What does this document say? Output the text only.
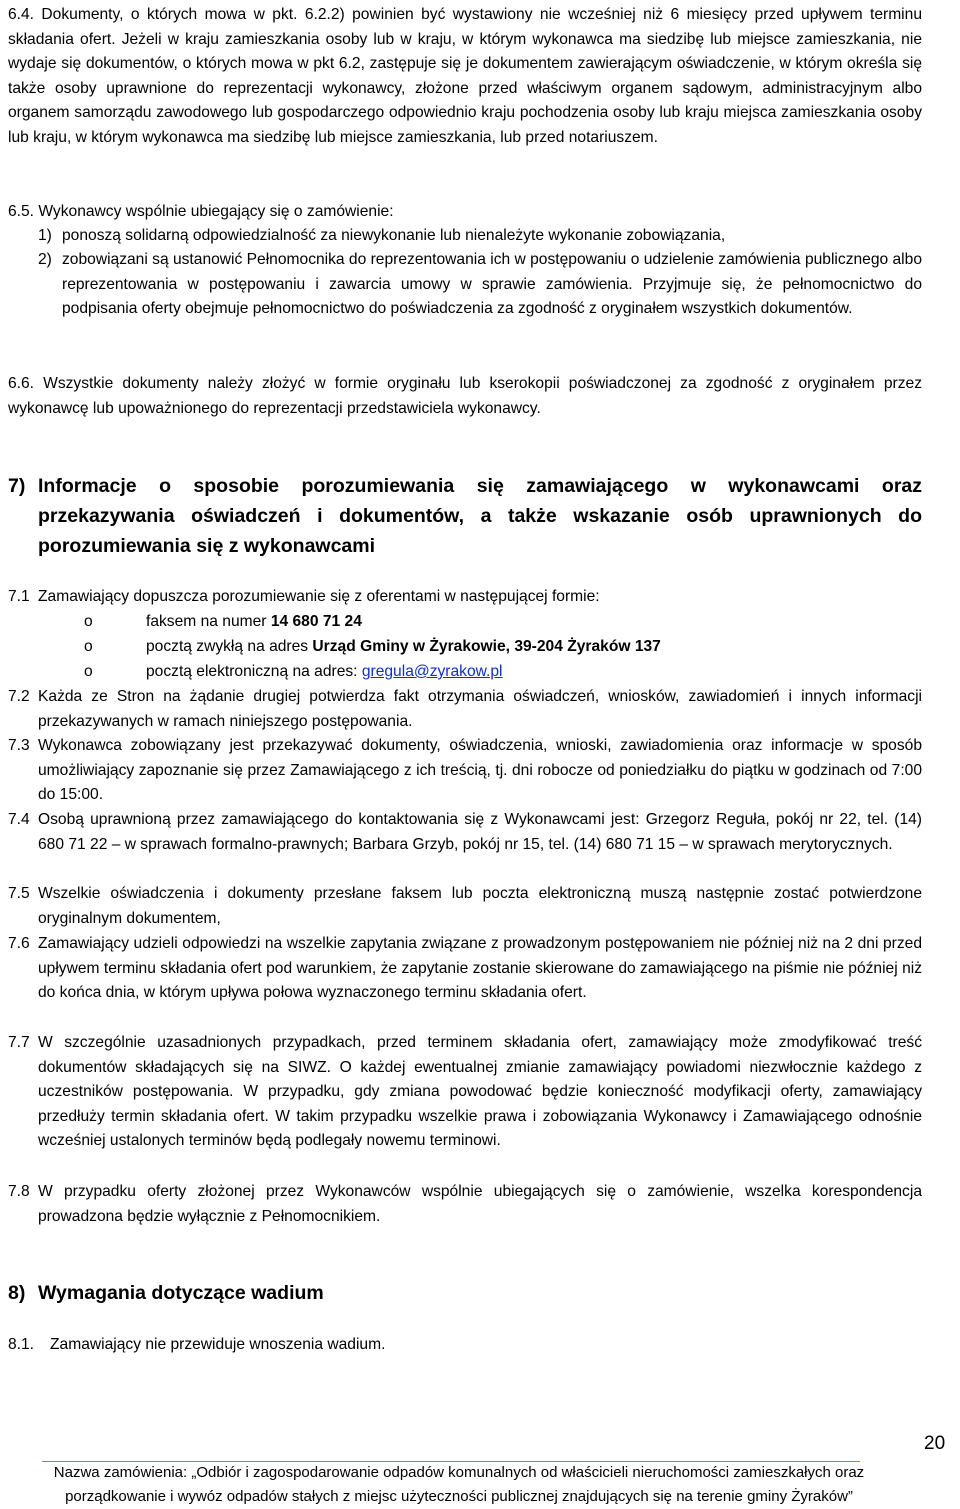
6.4. Dokumenty, o których mowa w pkt. 6.2.2) powinien być wystawiony nie wcześniej niż 6 miesięcy przed upływem terminu składania ofert. Jeżeli w kraju zamieszkania osoby lub w kraju, w którym wykonawca ma siedzibę lub miejsce zamieszkania, nie wydaje się dokumentów, o których mowa w pkt 6.2, zastępuje się je dokumentem zawierającym oświadczenie, w którym określa się także osoby uprawnione do reprezentacji wykonawcy, złożone przed właściwym organem sądowym, administracyjnym albo organem samorządu zawodowego lub gospodarczego odpowiednio kraju pochodzenia osoby lub kraju miejsca zamieszkania osoby lub kraju, w którym wykonawca ma siedzibę lub miejsce zamieszkania, lub przed notariuszem.
6.5. Wykonawcy wspólnie ubiegający się o zamówienie:
1) ponoszą solidarną odpowiedzialność za niewykonanie lub nienależyte wykonanie zobowiązania,
2) zobowiązani są ustanowić Pełnomocnika do reprezentowania ich w postępowaniu o udzielenie zamówienia publicznego albo reprezentowania w postępowaniu i zawarcia umowy w sprawie zamówienia. Przyjmuje się, że pełnomocnictwo do podpisania oferty obejmuje pełnomocnictwo do poświadczenia za zgodność z oryginałem wszystkich dokumentów.
6.6. Wszystkie dokumenty należy złożyć w formie oryginału lub kserokopii poświadczonej za zgodność z oryginałem przez wykonawcę lub upoważnionego do reprezentacji przedstawiciela wykonawcy.
7) Informacje o sposobie porozumiewania się zamawiającego w wykonawcami oraz przekazywania oświadczeń i dokumentów, a także wskazanie osób uprawnionych do porozumiewania się z wykonawcami
7.1 Zamawiający dopuszcza porozumiewanie się z oferentami w następującej formie:
o	faksem na numer 14 680 71 24
o	pocztą zwykłą na adres Urząd Gminy w Żyrakowie, 39-204 Żyraków 137
o	pocztą elektroniczną na adres: gregula@zyrakow.pl
7.2 Każda ze Stron na żądanie drugiej potwierdza fakt otrzymania oświadczeń, wniosków, zawiadomień i innych informacji przekazywanych w ramach niniejszego postępowania.
7.3 Wykonawca zobowiązany jest przekazywać dokumenty, oświadczenia, wnioski, zawiadomienia oraz informacje w sposób umożliwiający zapoznanie się przez Zamawiającego z ich treścią, tj. dni robocze od poniedziałku do piątku w godzinach od 7:00 do 15:00.
7.4 Osobą uprawnioną przez zamawiającego do kontaktowania się z Wykonawcami jest: Grzegorz Reguła, pokój nr 22, tel. (14) 680 71 22 – w sprawach formalno-prawnych; Barbara Grzyb, pokój nr 15, tel. (14) 680 71 15 – w sprawach merytorycznych.
7.5 Wszelkie oświadczenia i dokumenty przesłane faksem lub poczta elektroniczną muszą następnie zostać potwierdzone oryginalnym dokumentem,
7.6 Zamawiający udzieli odpowiedzi na wszelkie zapytania związane z prowadzonym postępowaniem nie później niż na 2 dni przed upływem terminu składania ofert pod warunkiem, że zapytanie zostanie skierowane do zamawiającego na piśmie nie później niż do końca dnia, w którym upływa połowa wyznaczonego terminu składania ofert.
7.7 W szczególnie uzasadnionych przypadkach, przed terminem składania ofert, zamawiający może zmodyfikować treść dokumentów składających się na SIWZ. O każdej ewentualnej zmianie zamawiający powiadomi niezwłocznie każdego z uczestników postępowania. W przypadku, gdy zmiana powodować będzie konieczność modyfikacji oferty, zamawiający przedłuży termin składania ofert. W takim przypadku wszelkie prawa i zobowiązania Wykonawcy i Zamawiającego odnośnie wcześniej ustalonych terminów będą podlegały nowemu terminowi.
7.8 W przypadku oferty złożonej przez Wykonawców wspólnie ubiegających się o zamówienie, wszelka korespondencja prowadzona będzie wyłącznie z Pełnomocnikiem.
8) Wymagania dotyczące wadium
8.1. Zamawiający nie przewiduje wnoszenia wadium.
Nazwa zamówienia: „Odbiór i zagospodarowanie odpadów komunalnych od właścicieli nieruchomości zamieszkałych oraz
porządkowanie i wywóz odpadów stałych z miejsc użyteczności publicznej znajdujących się na terenie gminy Żyraków”
20
